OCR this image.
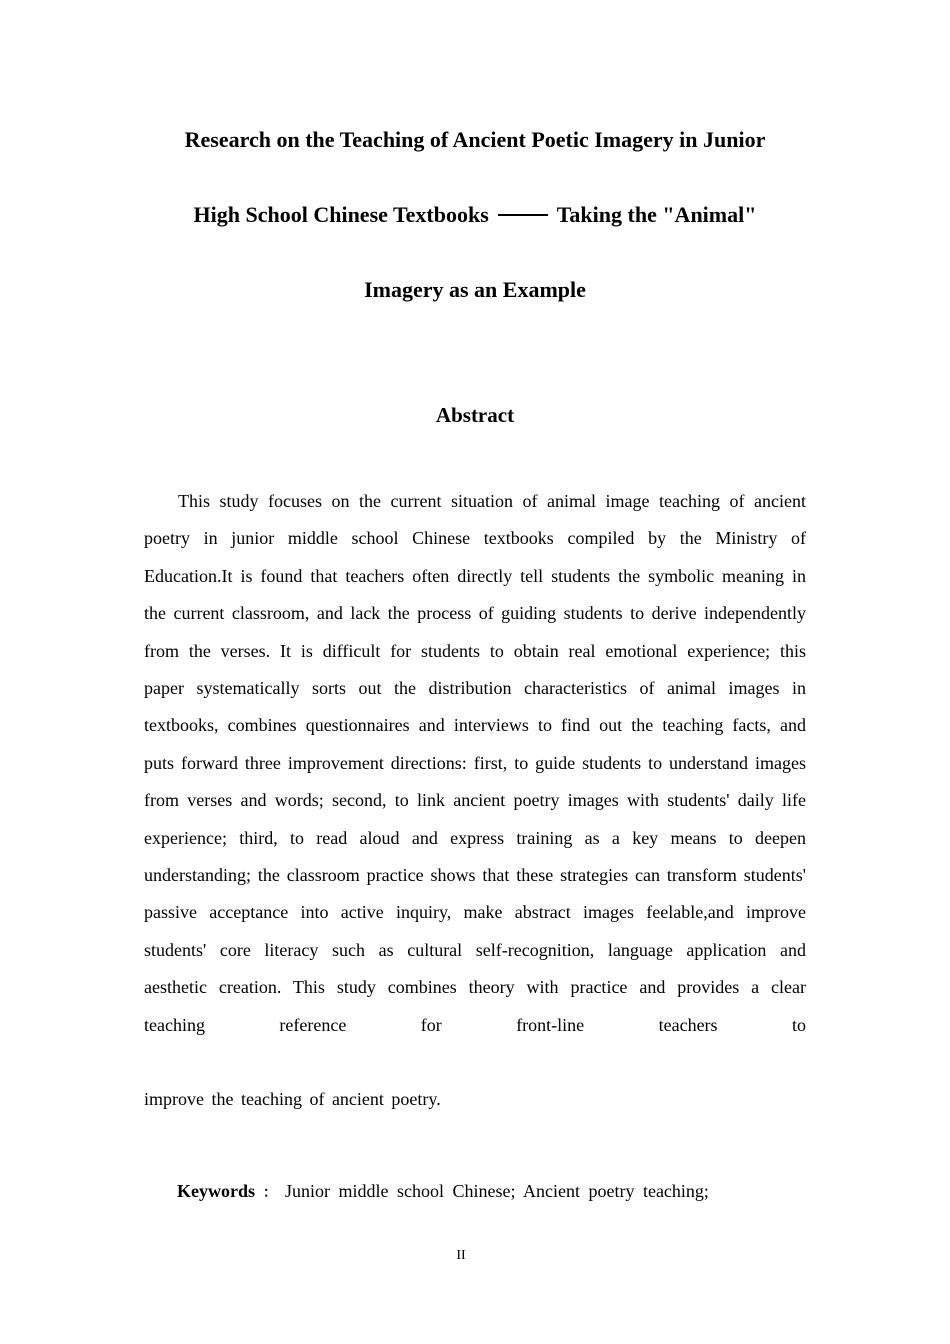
Research on the Teaching of Ancient Poetic Imagery in Junior
High School Chinese Textbooks	Taking the "Animal"
Imagery as an Example
Abstract
This study focuses on the current situation of animal image teaching of ancient poetry in junior middle school Chinese textbooks compiled by the Ministry of Education.It is found that teachers often directly tell students the symbolic meaning in the current classroom, and lack the process of guiding students to derive independently from the verses. It is difficult for students to obtain real emotional experience; this paper systematically sorts out the distribution characteristics of animal images in textbooks, combines questionnaires and interviews to find out the teaching facts, and puts forward three improvement directions: first, to guide students to understand images from verses and words; second, to link ancient poetry images with students' daily life experience; third, to read aloud and express training as a key means to deepen understanding; the classroom practice shows that these strategies can transform students' passive acceptance into active inquiry, make abstract images feelable,and improve students' core literacy such as cultural self-recognition, language application and aesthetic creation. This study combines theory with practice and provides a clear teaching reference for front-line teachers to
improve the teaching of ancient poetry.
Keywords ： Junior middle school Chinese; Ancient poetry teaching;
II
